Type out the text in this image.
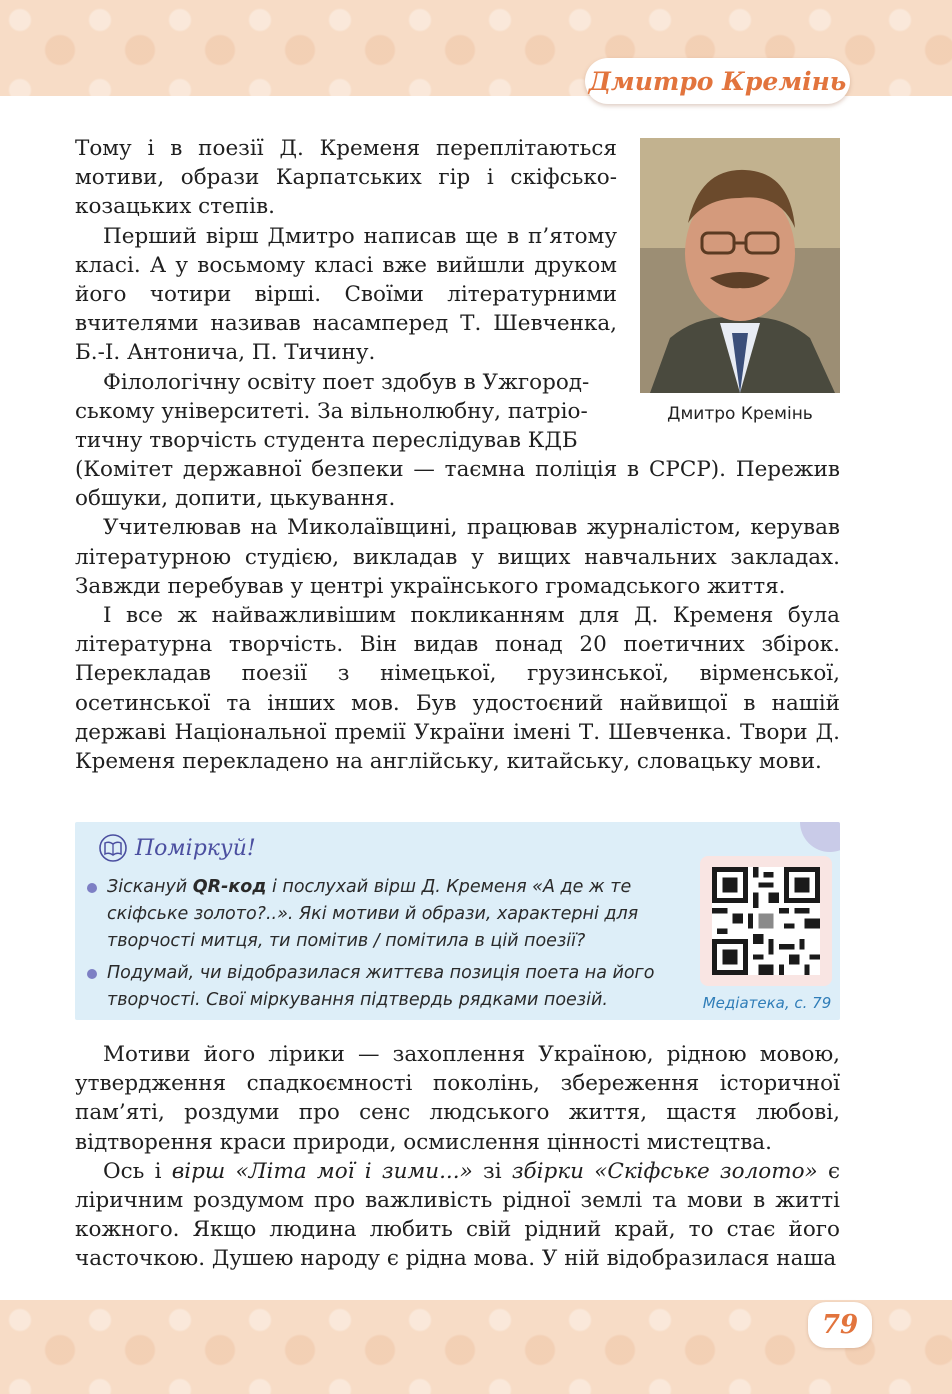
Дмитро Кремінь

Тому і в поезії Д. Кременя переплітаються мотиви, образи Карпатських гір і скіфсько-козацьких степів.

Перший вірш Дмитро написав ще в п’ятому класі. А у восьмому класі вже вийшли друком його чотири вірші. Своїми літературними вчителями називав насамперед Т. Шевченка, Б.-І. Антонича, П. Тичину.

Філологічну освіту поет здобув в Ужгород-

ському університеті. За вільнолюбну, патріо-

тичну творчість студента переслідував КДБ

Дмитро Кремінь

(Комітет державної безпеки — таємна поліція в СРСР). Пережив обшуки, допити, цькування.

Учителював на Миколаївщині, працював журналістом, керував літературною студією, викладав у вищих навчальних закладах. Завжди перебував у центрі українського громадського життя.

І все ж найважливішим покликанням для Д. Кременя була літературна творчість. Він видав понад 20 поетичних збірок. Перекладав поезії з німецької, грузинської, вірменської, осетинської та інших мов. Був удостоєний найвищої в нашій державі Національної премії України імені Т. Шевченка. Твори Д. Кременя перекладено на англійську, китайську, словацьку мови.

Поміркуй!
Зіскануй QR-код і послухай вірш Д. Кременя «А де ж те скіфське золото?..». Які мотиви й образи, характерні для творчості митця, ти помітив / помітила в цій поезії?
Подумай, чи відобразилася життєва позиція поета на його творчості. Свої міркування підтвердь рядками поезій.	Медіатека, с. 79

Мотиви його лірики — захоплення Україною, рідною мовою, утвердження спадкоємності поколінь, збереження історичної пам’яті, роздуми про сенс людського життя, щастя любові, відтворення краси природи, осмислення цінності мистецтва.

Ось і вірш «Літа мої і зими...» зі збірки «Скіфське золото» є ліричним роздумом про важливість рідної землі та мови в житті кожного. Якщо людина любить свій рідний край, то стає його часточкою. Душею народу є рідна мова. У ній відобразилася наша

79
